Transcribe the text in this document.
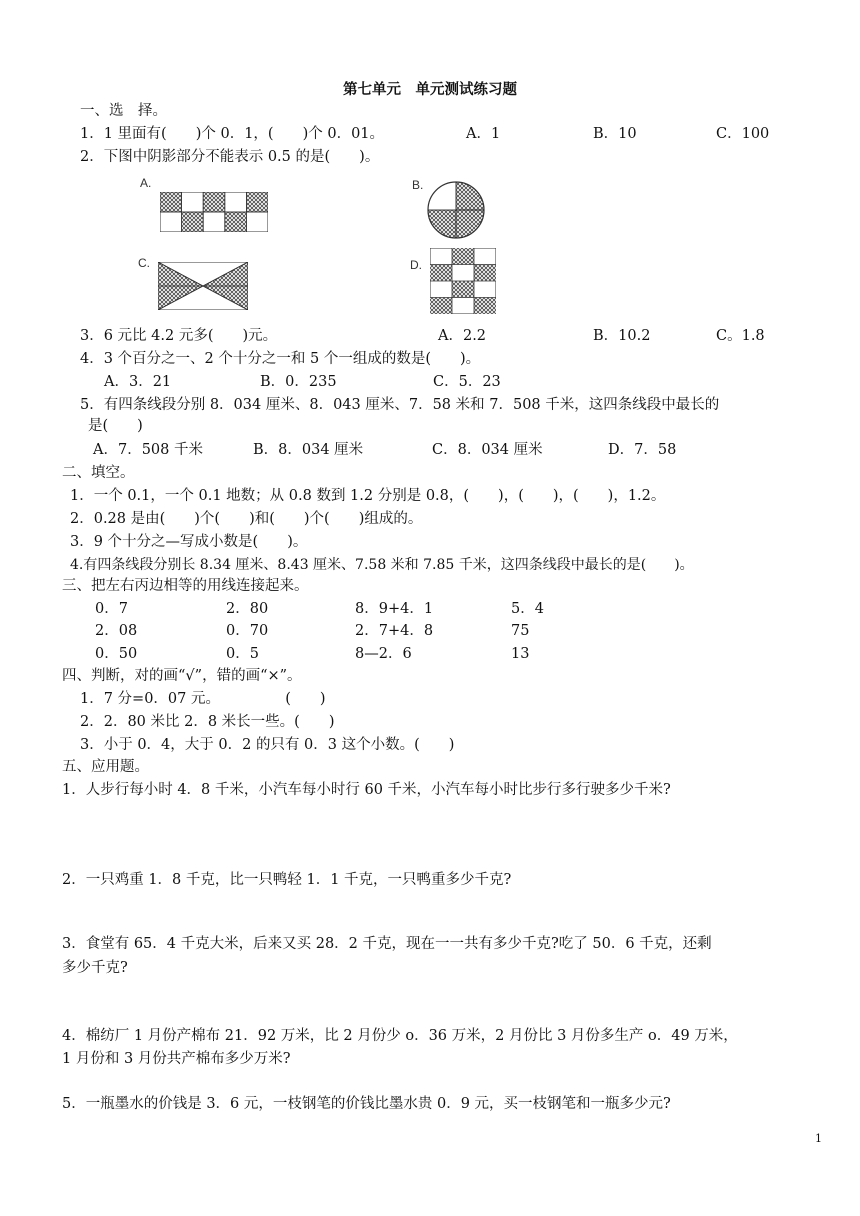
第七单元　单元测试练习题
一、选　择。
1．1 里面有(　　)个 0．1，(　　)个 0．01。	A．1	B．10	C．100
2．下图中阴影部分不能表示 0.5 的是(　　)。
A.	B.
C.	D.
3．6 元比 4.2 元多(　　)元。	A．2.2	B．10.2	C。1.8
4．3 个百分之一、2 个十分之一和 5 个一组成的数是(　　)。
A．3．21	B．0．235	C．5．23
5．有四条线段分别 8．034 厘米、8．043 厘米、7．58 米和 7．508 千米，这四条线段中最长的
是(　　)
A．7．508 千米	B．8．034 厘米	C．8．034 厘米	D．7．58
二、填空。
1．一个 0.1，一个 0.1 地数；从 0.8 数到 1.2 分别是 0.8，(　　)，(　　)，(　　)，1.2。
2．0.28 是由(　　)个(　　)和(　　)个(　　)组成的。
3．9 个十分之—写成小数是(　　)。
4.有四条线段分别长 8.34 厘米、8.43 厘米、7.58 米和 7.85 千米，这四条线段中最长的是(　　)。
三、把左右丙边相等的用线连接起来。
0．7	2．80	8．9+4．1	5．4
2．08	0．70	2．7+4．8	75
0．50	0．5	8—2．6	13
四、判断，对的画“√”，错的画“×”。
1．7 分=0．07 元。　　　　　(　　)
2．2．80 米比 2．8 米长一些。(　　)
3．小于 0．4，大于 0．2 的只有 0．3 这个小数。(　　)
五、应用题。
1．人步行每小时 4．8 千米，小汽车每小时行 60 千米，小汽车每小时比步行多行驶多少千米?
2．一只鸡重 1．8 千克，比一只鸭轻 1．1 千克，一只鸭重多少千克?
3．食堂有 65．4 千克大米，后来又买 28．2 千克，现在一一共有多少千克?吃了 50．6 千克，还剩
多少千克?
4．棉纺厂 1 月份产棉布 21．92 万米，比 2 月份少 o．36 万米，2 月份比 3 月份多生产 o．49 万米，
1 月份和 3 月份共产棉布多少万米?
5．一瓶墨水的价钱是 3．6 元，一枝钢笔的价钱比墨水贵 0．9 元，买一枝钢笔和一瓶多少元?
1
